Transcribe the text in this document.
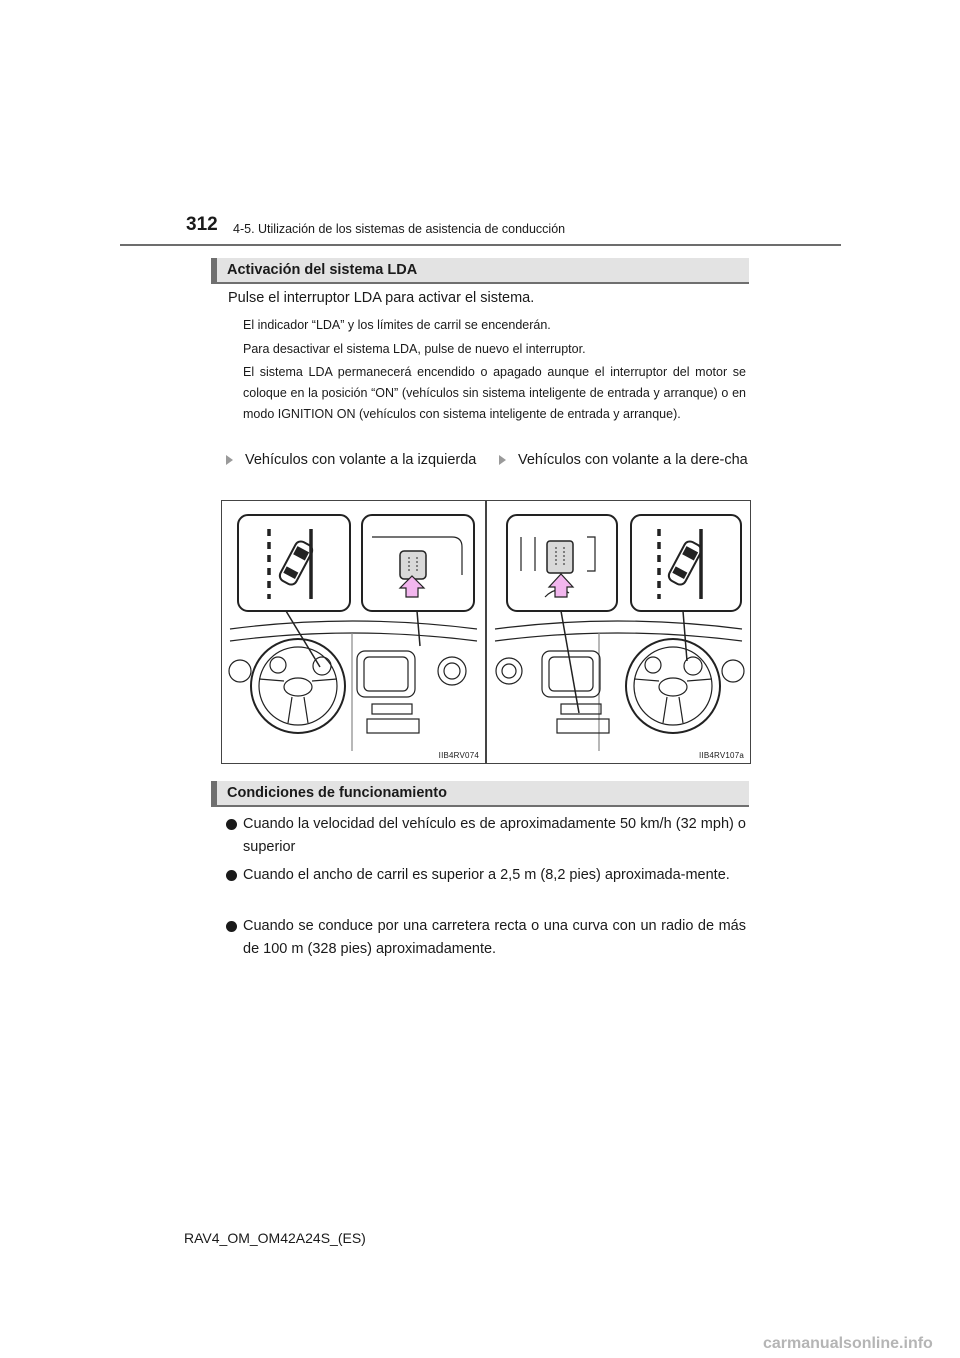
312 4-5. Utilización de los sistemas de asistencia de conducción
Activación del sistema LDA
Pulse el interruptor LDA para activar el sistema.
El indicador “LDA” y los límites de carril se encenderán.
Para desactivar el sistema LDA, pulse de nuevo el interruptor.
El sistema LDA permanecerá encendido o apagado aunque el interruptor del motor se coloque en la posición “ON” (vehículos sin sistema inteligente de entrada y arranque) o en modo IGNITION ON (vehículos con sistema inteligente de entrada y arranque).
Vehículos con volante a la izquierda	Vehículos con volante a la dere-cha
IIB4RV074	IIB4RV107a
Condiciones de funcionamiento
Cuando la velocidad del vehículo es de aproximadamente 50 km/h (32 mph) o superior
Cuando el ancho de carril es superior a 2,5 m (8,2 pies) aproximada-mente.
Cuando se conduce por una carretera recta o una curva con un radio de más de 100 m (328 pies) aproximadamente.
RAV4_OM_OM42A24S_(ES)
carmanualsonline.info
